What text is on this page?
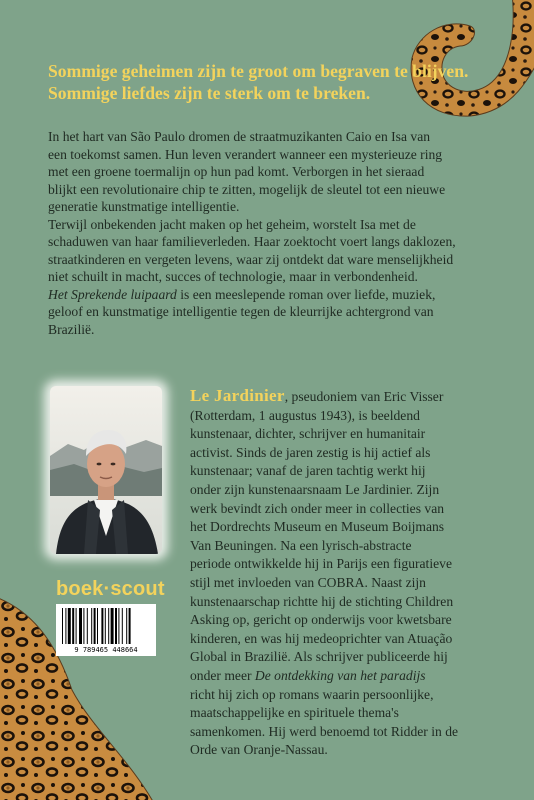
Sommige geheimen zijn te groot om begraven te blijven.
Sommige liefdes zijn te sterk om te breken.

In het hart van São Paulo dromen de straatmuzikanten Caio en Isa van

een toekomst samen. Hun leven verandert wanneer een mysterieuze ring

met een groene toermalijn op hun pad komt. Verborgen in het sieraad

blijkt een revolutionaire chip te zitten, mogelijk de sleutel tot een nieuwe

generatie kunstmatige intelligentie.

Terwijl onbekenden jacht maken op het geheim, worstelt Isa met de

schaduwen van haar familieverleden. Haar zoektocht voert langs daklozen,

straatkinderen en vergeten levens, waar zij ontdekt dat ware menselijkheid

niet schuilt in macht, succes of technologie, maar in verbondenheid.

Het Sprekende luipaard is een meeslepende roman over liefde, muziek,

geloof en kunstmatige intelligentie tegen de kleurrijke achtergrond van

Brazilië.

Le Jardinier, pseudoniem van Eric Visser
(Rotterdam, 1 augustus 1943), is beeldend
kunstenaar, dichter, schrijver en humanitair
activist. Sinds de jaren zestig is hij actief als
kunstenaar; vanaf de jaren tachtig werkt hij
onder zijn kunstenaarsnaam Le Jardinier. Zijn
werk bevindt zich onder meer in collecties van
het Dordrechts Museum en Museum Boijmans
Van Beuningen. Na een lyrisch-abstracte
periode ontwikkelde hij in Parijs een figuratieve
stijl met invloeden van COBRA. Naast zijn
kunstenaarschap richtte hij de stichting Children
Asking op, gericht op onderwijs voor kwetsbare
kinderen, en was hij medeoprichter van Atuação
Global in Brazilië. Als schrijver publiceerde hij
onder meer De ontdekking van het paradijs
richt hij zich op romans waarin persoonlijke,
maatschappelijke en spirituele thema's
samenkomen. Hij werd benoemd tot Ridder in de
Orde van Oranje-Nassau.
boek·scout
9 789465 448664
